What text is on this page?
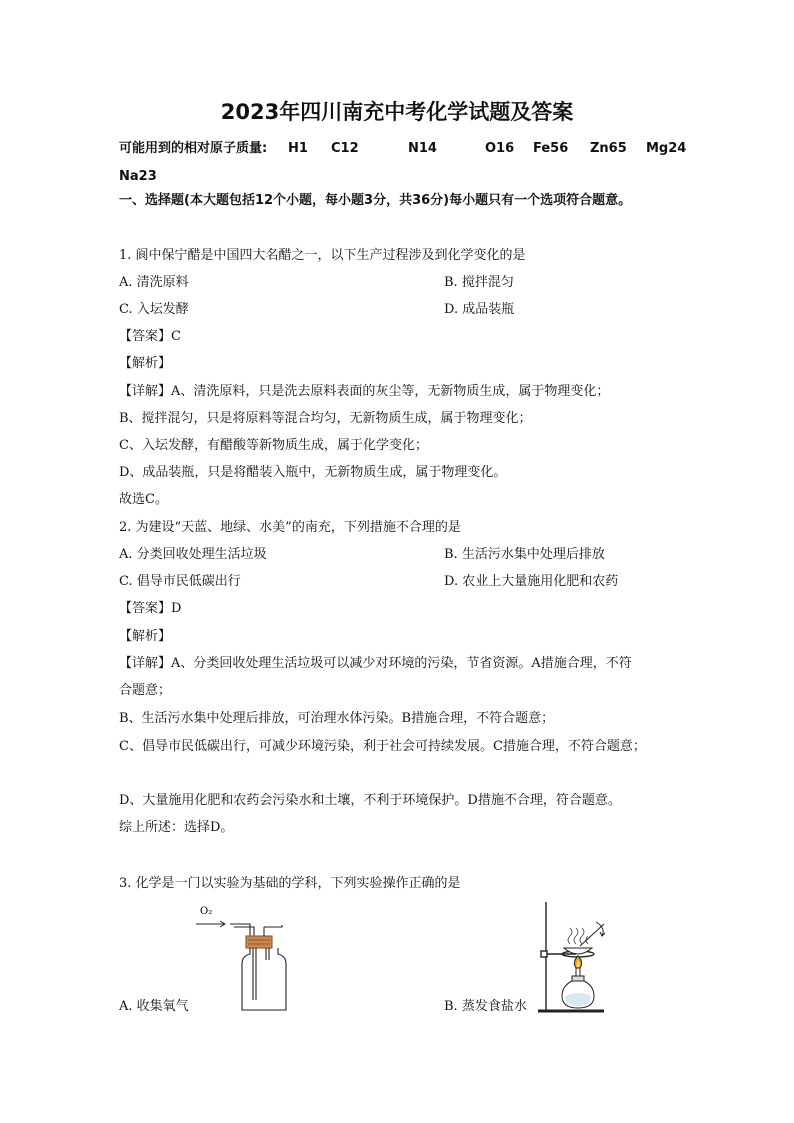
2023年四川南充中考化学试题及答案
可能用到的相对原子质量: H1 C12	N14	O16 Fe56 Zn65 Mg24
Na23
一、选择题(本大题包括12个小题，每小题3分，共36分)每小题只有一个选项符合题意。
1. 阆中保宁醋是中国四大名醋之一，以下生产过程涉及到化学变化的是
A. 清洗原料	B. 搅拌混匀
C. 入坛发酵	D. 成品装瓶
【答案】C
【解析】
【详解】A、清洗原料，只是洗去原料表面的灰尘等，无新物质生成，属于物理变化；
B、搅拌混匀，只是将原料等混合均匀，无新物质生成，属于物理变化；
C、入坛发酵，有醋酸等新物质生成，属于化学变化；
D、成品装瓶，只是将醋装入瓶中，无新物质生成，属于物理变化。
故选C。
2. 为建设“天蓝、地绿、水美”的南充，下列措施不合理的是
A. 分类回收处理生活垃圾	B. 生活污水集中处理后排放
C. 倡导市民低碳出行	D. 农业上大量施用化肥和农药
【答案】D
【解析】
【详解】A、分类回收处理生活垃圾可以减少对环境的污染，节省资源。A措施合理，不符
合题意；
B、生活污水集中处理后排放，可治理水体污染。B措施合理，不符合题意；
C、倡导市民低碳出行，可减少环境污染，利于社会可持续发展。C措施合理，不符合题意；
D、大量施用化肥和农药会污染水和土壤，不利于环境保护。D措施不合理，符合题意。
综上所述：选择D。
3. 化学是一门以实验为基础的学科，下列实验操作正确的是
A. 收集氧气	B. 蒸发食盐水
O₂
